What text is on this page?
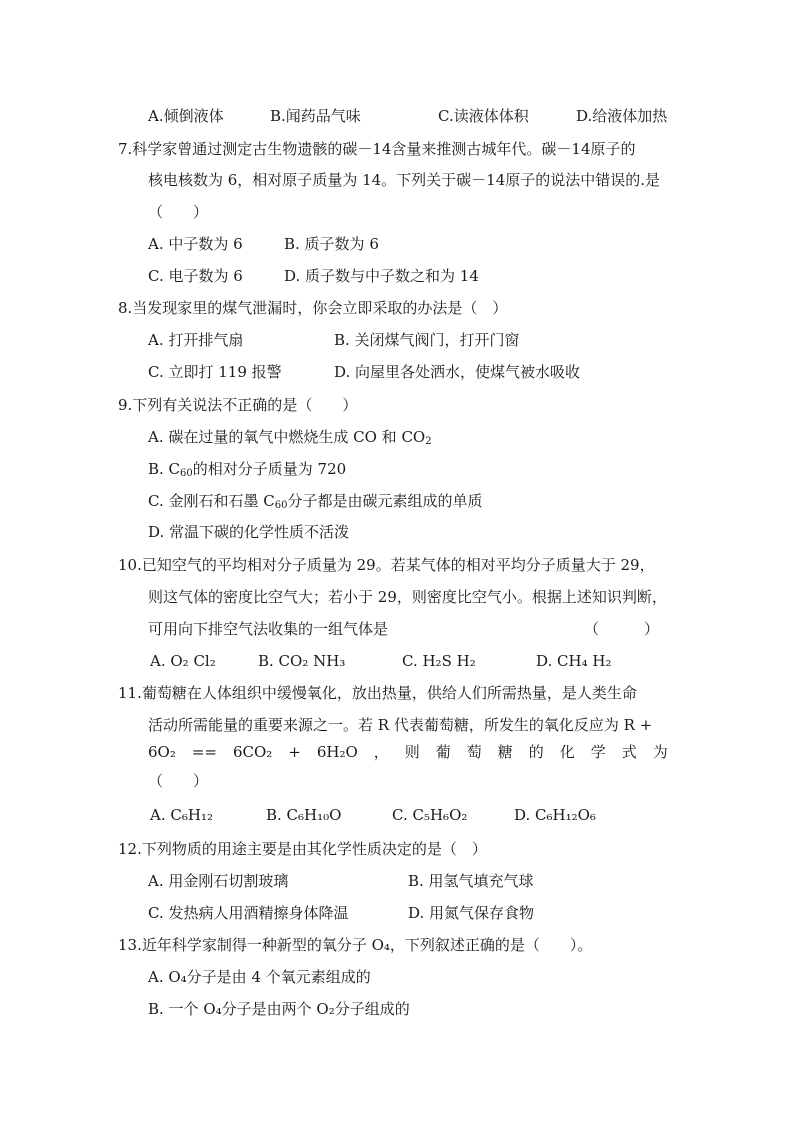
A.倾倒液体	B.闻药品气味	C.读液体体积	D.给液体加热
7.科学家曾通过测定古生物遗骸的碳－14含量来推测古城年代。碳－14原子的
核电核数为 6，相对原子质量为 14。下列关于碳－14原子的说法中错误的.是
（　　）
A. 中子数为 6	B. 质子数为 6
C. 电子数为 6	D. 质子数与中子数之和为 14
8.当发现家里的煤气泄漏时，你会立即采取的办法是（　）
A. 打开排气扇	B. 关闭煤气阀门，打开门窗
C. 立即打 119 报警	D. 向屋里各处洒水，使煤气被水吸收
9.下列有关说法不正确的是（　　）
A. 碳在过量的氧气中燃烧生成 CO 和 $CO_2$
B. $C_{60}$的相对分子质量为 720
C. 金刚石和石墨 $C_{60}$分子都是由碳元素组成的单质
D. 常温下碳的化学性质不活泼
10.已知空气的平均相对分子质量为 29。若某气体的相对平均分子质量大于 29，
则这气体的密度比空气大；若小于 29，则密度比空气小。根据上述知识判断，
可用向下排空气法收集的一组气体是	（　　　）
A. O₂ Cl₂	B. CO₂ NH₃	C. H₂S H₂	D. CH₄ H₂
11.葡萄糖在人体组织中缓慢氧化，放出热量，供给人们所需热量，是人类生命
活动所需能量的重要来源之一。若 R 代表葡萄糖，所发生的氧化反应为 R +
6O₂ == 6CO₂ + 6H₂O ， 则 葡 萄 糖 的 化 学 式 为
（　　）
A. C₆H₁₂	B. C₆H₁₀O	C. C₅H₆O₂	D. C₆H₁₂O₆
12.下列物质的用途主要是由其化学性质决定的是（　）
A. 用金刚石切割玻璃	B. 用氢气填充气球
C. 发热病人用酒精擦身体降温	D. 用氮气保存食物
13.近年科学家制得一种新型的氧分子 O₄，下列叙述正确的是（　　）。
A. O₄分子是由 4 个氧元素组成的
B. 一个 O₄分子是由两个 O₂分子组成的
